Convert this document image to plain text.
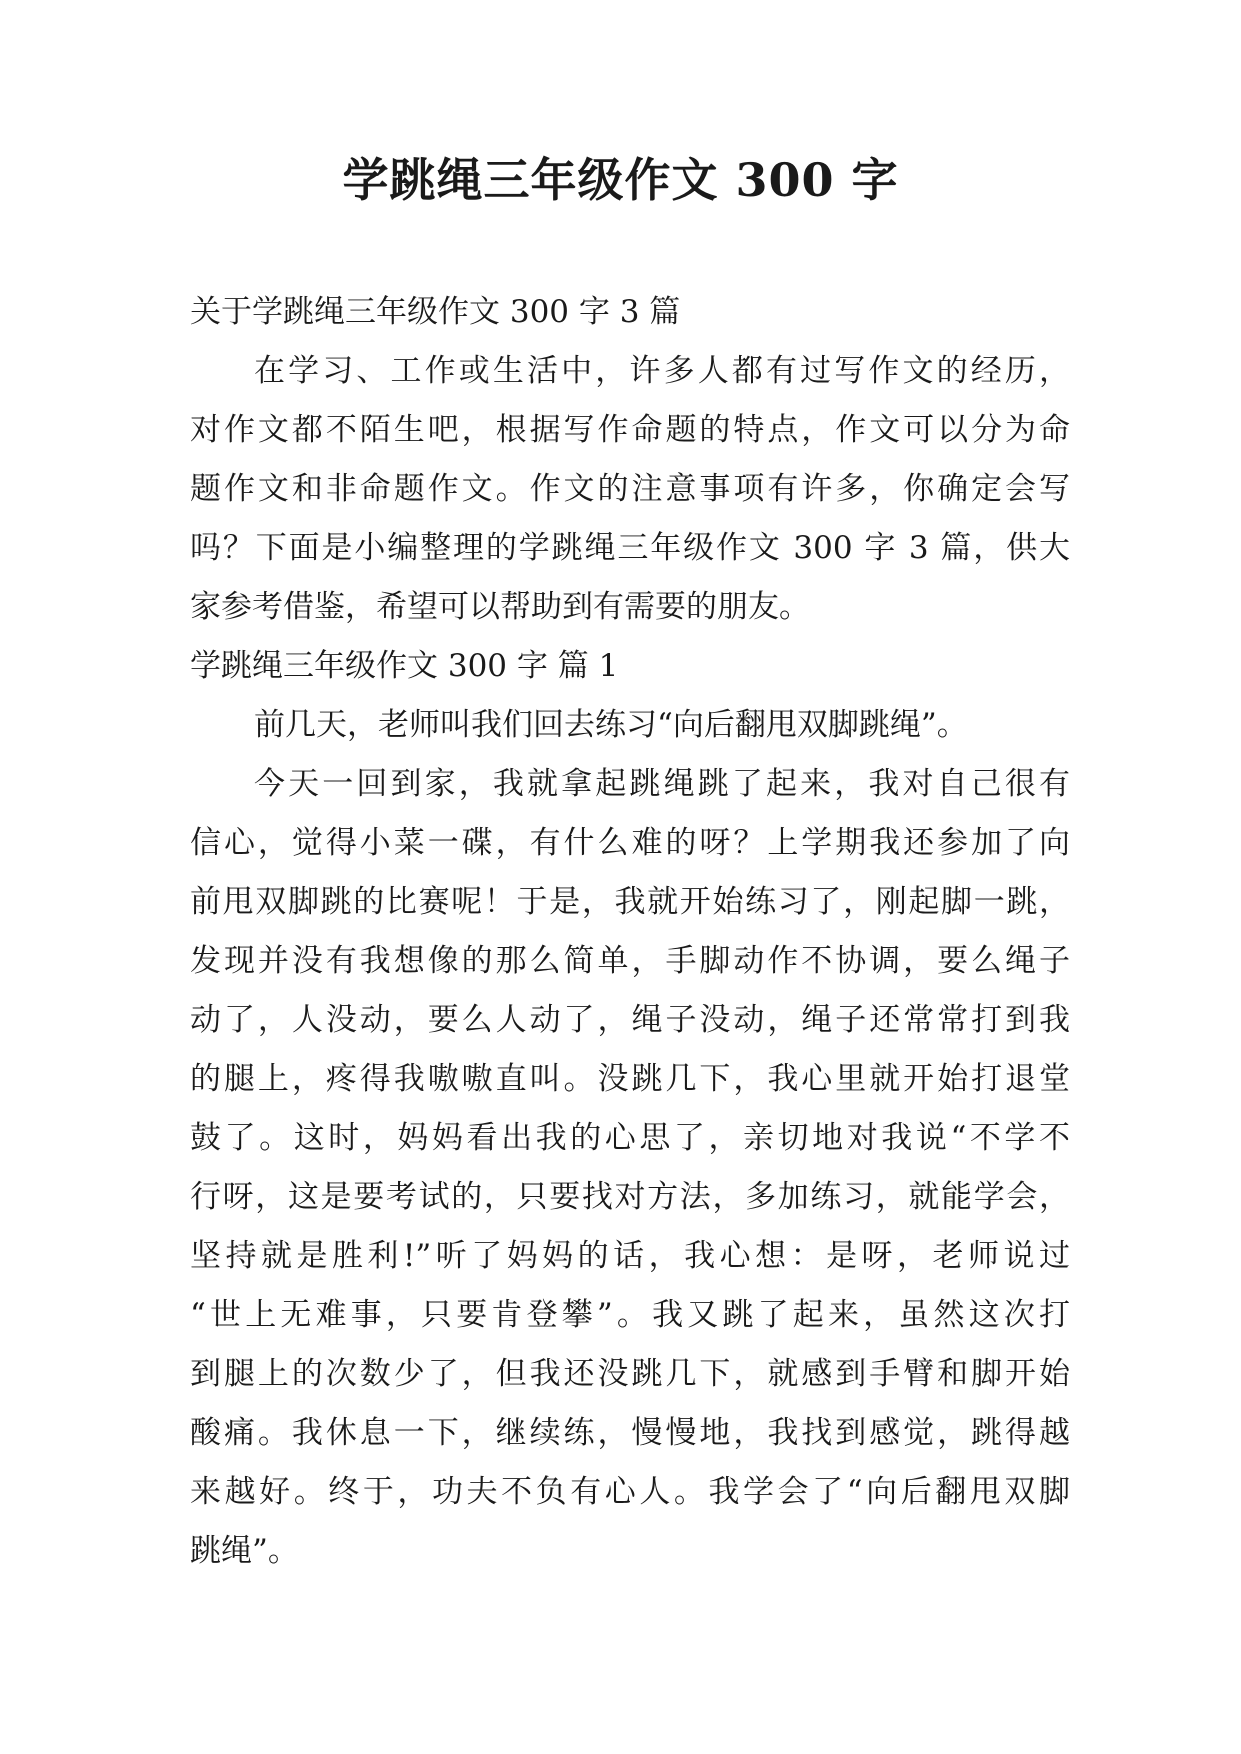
学跳绳三年级作文 300 字
关于学跳绳三年级作文 300 字 3 篇
在学习、工作或生活中，许多人都有过写作文的经历，
对作文都不陌生吧，根据写作命题的特点，作文可以分为命
题作文和非命题作文。作文的注意事项有许多，你确定会写
吗？下面是小编整理的学跳绳三年级作文 300 字 3 篇，供大
家参考借鉴，希望可以帮助到有需要的朋友。
学跳绳三年级作文 300 字 篇 1
前几天，老师叫我们回去练习“向后翻甩双脚跳绳”。
今天一回到家，我就拿起跳绳跳了起来，我对自己很有
信心，觉得小菜一碟，有什么难的呀？上学期我还参加了向
前甩双脚跳的比赛呢！于是，我就开始练习了，刚起脚一跳，
发现并没有我想像的那么简单，手脚动作不协调，要么绳子
动了，人没动，要么人动了，绳子没动，绳子还常常打到我
的腿上，疼得我嗷嗷直叫。没跳几下，我心里就开始打退堂
鼓了。这时，妈妈看出我的心思了，亲切地对我说“不学不
行呀，这是要考试的，只要找对方法，多加练习，就能学会，
坚持就是胜利!”听了妈妈的话，我心想：是呀，老师说过
“世上无难事，只要肯登攀”。我又跳了起来，虽然这次打
到腿上的次数少了，但我还没跳几下，就感到手臂和脚开始
酸痛。我休息一下，继续练，慢慢地，我找到感觉，跳得越
来越好。终于，功夫不负有心人。我学会了“向后翻甩双脚
跳绳”。
